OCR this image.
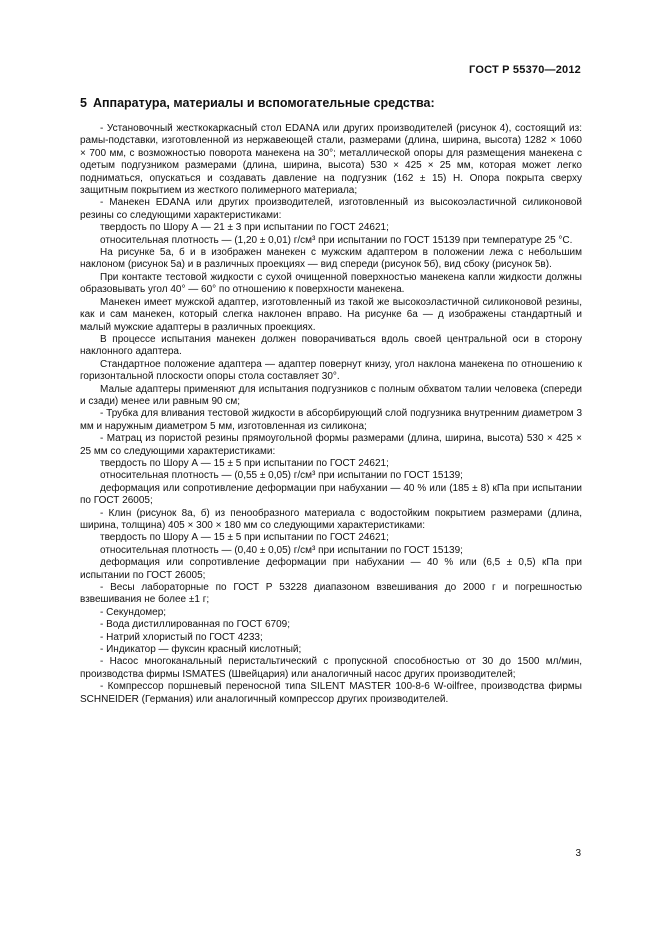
ГОСТ Р 55370—2012
5 Аппаратура, материалы и вспомогательные средства:

- Установочный жесткокаркасный стол EDANA или других производителей (рисунок 4), состоящий из: рамы-подставки, изготовленной из нержавеющей стали, размерами (длина, ширина, высота) 1282 × 1060 × 700 мм, с возможностью поворота манекена на 30°; металлической опоры для размещения манекена с одетым подгузником размерами (длина, ширина, высота) 530 × 425 × 25 мм, которая может легко подниматься, опускаться и создавать давление на подгузник (162 ± 15) Н. Опора покрыта сверху защитным покрытием из жесткого полимерного материала;

- Манекен EDANA или других производителей, изготовленный из высокоэластичной силиконовой резины со следующими характеристиками:

твердость по Шору А — 21 ± 3 при испытании по ГОСТ 24621;

относительная плотность — (1,20 ± 0,01) г/см³ при испытании по ГОСТ 15139 при температуре 25 °С.

На рисунке 5а, б и в изображен манекен с мужским адаптером в положении лежа с небольшим наклоном (рисунок 5а) и в различных проекциях — вид спереди (рисунок 5б), вид сбоку (рисунок 5в).

При контакте тестовой жидкости с сухой очищенной поверхностью манекена капли жидкости должны образовывать угол 40° — 60° по отношению к поверхности манекена.

Манекен имеет мужской адаптер, изготовленный из такой же высокоэластичной силиконовой резины, как и сам манекен, который слегка наклонен вправо. На рисунке 6а — д изображены стандартный и малый мужские адаптеры в различных проекциях.

В процессе испытания манекен должен поворачиваться вдоль своей центральной оси в сторону наклонного адаптера.

Стандартное положение адаптера — адаптер повернут книзу, угол наклона манекена по отношению к горизонтальной плоскости опоры стола составляет 30°.

Малые адаптеры применяют для испытания подгузников с полным обхватом талии человека (спереди и сзади) менее или равным 90 см;

- Трубка для вливания тестовой жидкости в абсорбирующий слой подгузника внутренним диаметром 3 мм и наружным диаметром 5 мм, изготовленная из силикона;

- Матрац из пористой резины прямоугольной формы размерами (длина, ширина, высота) 530 × 425 × 25 мм со следующими характеристиками:

твердость по Шору А — 15 ± 5 при испытании по ГОСТ 24621;

относительная плотность — (0,55 ± 0,05) г/см³ при испытании по ГОСТ 15139;

деформация или сопротивление деформации при набухании — 40 % или (185 ± 8) кПа при испытании по ГОСТ 26005;

- Клин (рисунок 8а, б) из пенообразного материала с водостойким покрытием размерами (длина, ширина, толщина) 405 × 300 × 180 мм со следующими характеристиками:

твердость по Шору А — 15 ± 5 при испытании по ГОСТ 24621;

относительная плотность — (0,40 ± 0,05) г/см³ при испытании по ГОСТ 15139;

деформация или сопротивление деформации при набухании — 40 % или (6,5 ± 0,5) кПа при испытании по ГОСТ 26005;

- Весы лабораторные по ГОСТ Р 53228 диапазоном взвешивания до 2000 г и погрешностью взвешивания не более ±1 г;

- Секундомер;

- Вода дистиллированная по ГОСТ 6709;

- Натрий хлористый по ГОСТ 4233;

- Индикатор — фуксин красный кислотный;

- Насос многоканальный перистальтический с пропускной способностью от 30 до 1500 мл/мин, производства фирмы ISMATES (Швейцария) или аналогичный насос других производителей;

- Компрессор поршневый переносной типа SILENT MASTER 100-8-6 W-oilfree, производства фирмы SCHNEIDER (Германия) или аналогичный компрессор других производителей.

3
